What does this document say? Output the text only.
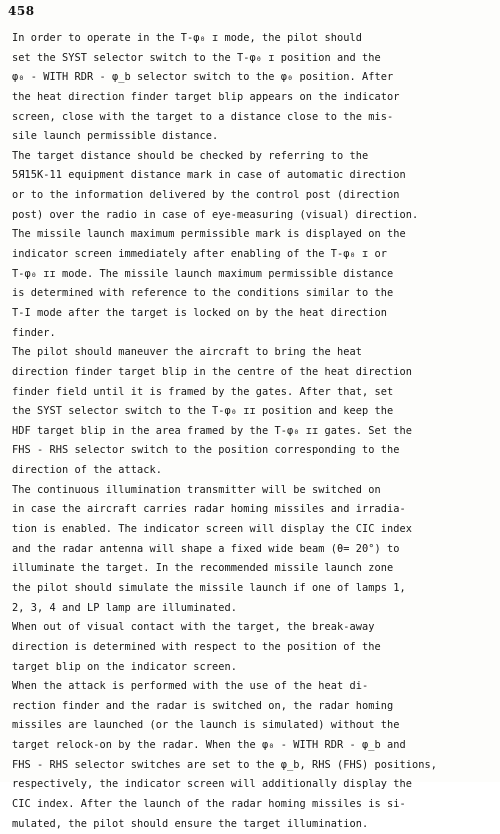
458
In order to operate in the T-φ₀ ɪ mode, the pilot should
set the SYST selector switch to the T-φ₀ ɪ position and the
φ₀ - WITH RDR - φ_b selector switch to the φ₀ position. After
the heat direction finder target blip appears on the indicator
screen, close with the target to a distance close to the mis-
sile launch permissible distance.
The target distance should be checked by referring to the
5Я15K-11 equipment distance mark in case of automatic direction
or to the information delivered by the control post (direction
post) over the radio in case of eye-measuring (visual) direction.
The missile launch maximum permissible mark is displayed on the
indicator screen immediately after enabling of the T-φ₀ ɪ or
T-φ₀ ɪɪ mode. The missile launch maximum permissible distance
is determined with reference to the conditions similar to the
T-I mode after the target is locked on by the heat direction
finder.
The pilot should maneuver the aircraft to bring the heat
direction finder target blip in the centre of the heat direction
finder field until it is framed by the gates. After that, set
the SYST selector switch to the T-φ₀ ɪɪ position and keep the
HDF target blip in the area framed by the T-φ₀ ɪɪ gates. Set the
FHS - RHS selector switch to the position corresponding to the
direction of the attack.
The continuous illumination transmitter will be switched on
in case the aircraft carries radar homing missiles and irradia-
tion is enabled. The indicator screen will display the CIC index
and the radar antenna will shape a fixed wide beam (θ= 20°) to
illuminate the target. In the recommended missile launch zone
the pilot should simulate the missile launch if one of lamps 1,
2, 3, 4 and LP lamp are illuminated.
When out of visual contact with the target, the break-away
direction is determined with respect to the position of the
target blip on the indicator screen.
When the attack is performed with the use of the heat di-
rection finder and the radar is switched on, the radar homing
missiles are launched (or the launch is simulated) without the
target relock-on by the radar. When the φ₀ - WITH RDR - φ_b and
FHS - RHS selector switches are set to the φ_b, RHS (FHS) positions,
respectively, the indicator screen will additionally display the
CIC index. After the launch of the radar homing missiles is si-
mulated, the pilot should ensure the target illumination.
